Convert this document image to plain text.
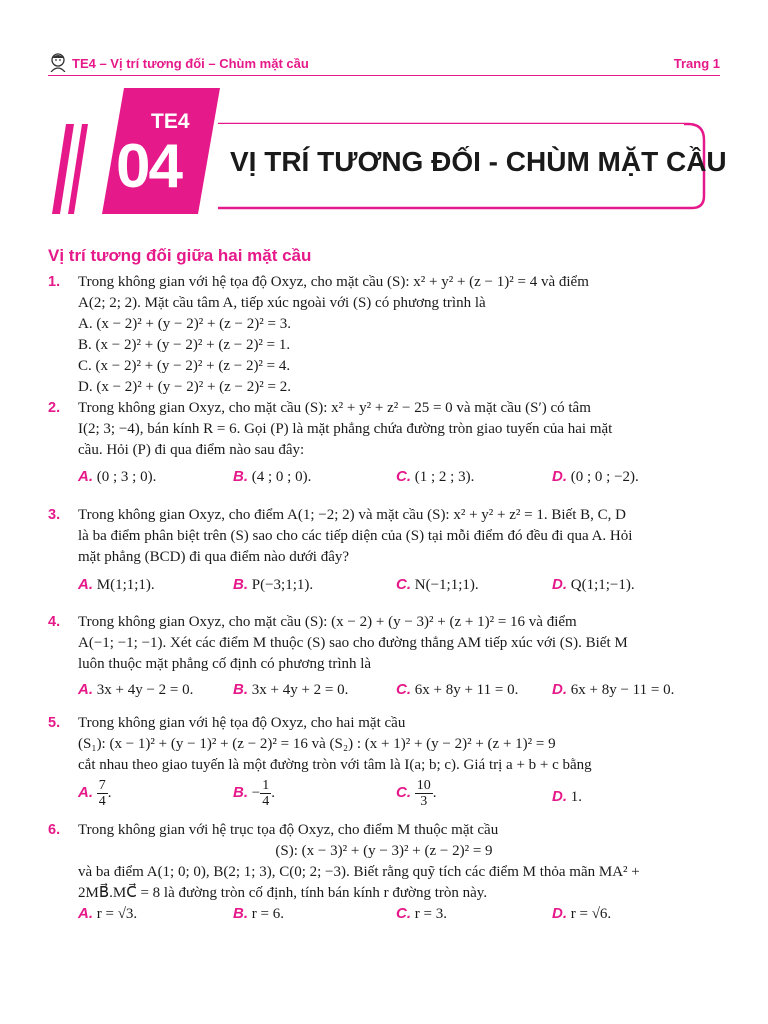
TE4 – Vị trí tương đối – Chùm mặt cầu	Trang 1
TE4
04 VỊ TRÍ TƯƠNG ĐỐI - CHÙM MẶT CẦU
Vị trí tương đối giữa hai mặt cầu
1. Trong không gian với hệ tọa độ Oxyz, cho mặt cầu (S): x² + y² + (z − 1)² = 4 và điểm
A(2; 2; 2). Mặt cầu tâm A, tiếp xúc ngoài với (S) có phương trình là
A. (x − 2)² + (y − 2)² + (z − 2)² = 3.
B. (x − 2)² + (y − 2)² + (z − 2)² = 1.
C. (x − 2)² + (y − 2)² + (z − 2)² = 4.
D. (x − 2)² + (y − 2)² + (z − 2)² = 2.
2. Trong không gian Oxyz, cho mặt cầu (S): x² + y² + z² − 25 = 0 và mặt cầu (S′) có tâm
I(2; 3; −4), bán kính R = 6. Gọi (P) là mặt phẳng chứa đường tròn giao tuyến của hai mặt
cầu. Hỏi (P) đi qua điểm nào sau đây:
A. (0 ; 3 ; 0).	B. (4 ; 0 ; 0).	C. (1 ; 2 ; 3).	D. (0 ; 0 ; −2).
3. Trong không gian Oxyz, cho điểm A(1; −2; 2) và mặt cầu (S): x² + y² + z² = 1. Biết B, C, D
là ba điểm phân biệt trên (S) sao cho các tiếp diện của (S) tại mỗi điểm đó đều đi qua A. Hỏi
mặt phẳng (BCD) đi qua điểm nào dưới đây?
A. M(1;1;1).	B. P(−3;1;1).	C. N(−1;1;1).	D. Q(1;1;−1).
4. Trong không gian Oxyz, cho mặt cầu (S): (x − 2) + (y − 3)² + (z + 1)² = 16 và điểm
A(−1; −1; −1). Xét các điểm M thuộc (S) sao cho đường thẳng AM tiếp xúc với (S). Biết M
luôn thuộc mặt phẳng cố định có phương trình là
A. 3x + 4y − 2 = 0.	B. 3x + 4y + 2 = 0.	C. 6x + 8y + 11 = 0. D. 6x + 8y − 11 = 0.
5. Trong không gian với hệ tọa độ Oxyz, cho hai mặt cầu
(S₁): (x − 1)² + (y − 1)² + (z − 2)² = 16 và (S₂) : (x + 1)² + (y − 2)² + (z + 1)² = 9
cắt nhau theo giao tuyến là một đường tròn với tâm là I(a; b; c). Giá trị a + b + c bằng
A. $\frac{7}{4}$ .	B. − $\frac{1}{4}$ .	C. $\frac{10}{3}$ .	D. 1.
6. Trong không gian với hệ trục tọa độ Oxyz, cho điểm M thuộc mặt cầu
(S): (x − 3)² + (y − 3)² + (z − 2)² = 9
và ba điểm A(1; 0; 0), B(2; 1; 3), C(0; 2; −3). Biết rằng quỹ tích các điểm M thỏa mãn MA² +
2MB⃗.MC⃗ = 8 là đường tròn cố định, tính bán kính r đường tròn này.
A. r = √3.	B. r = 6.	C. r = 3.	D. r = √6.
